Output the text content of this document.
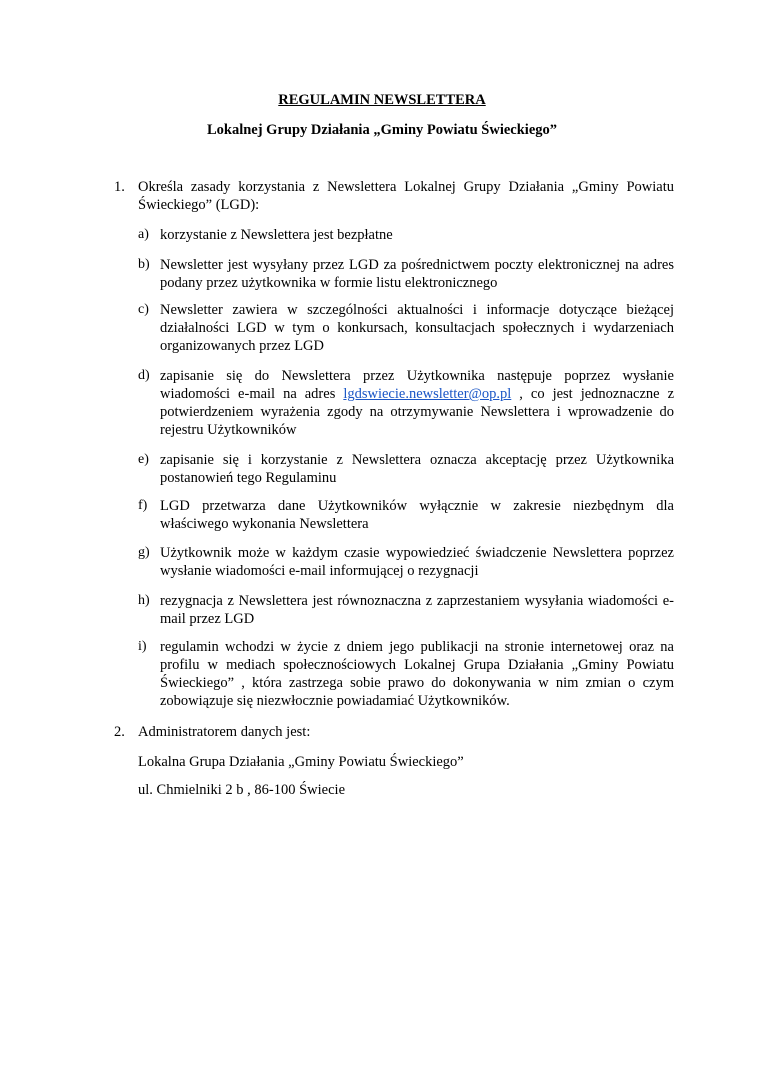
REGULAMIN NEWSLETTERA
Lokalnej Grupy Działania „Gminy Powiatu Świeckiego”
1. Określa zasady korzystania z Newslettera Lokalnej Grupy Działania „Gminy Powiatu Świeckiego” (LGD):
a) korzystanie z Newslettera jest bezpłatne
b) Newsletter jest wysyłany przez LGD za pośrednictwem poczty elektronicznej na adres podany przez użytkownika w formie listu elektronicznego
c) Newsletter zawiera w szczególności aktualności i informacje dotyczące bieżącej działalności LGD w tym o konkursach, konsultacjach społecznych i wydarzeniach organizowanych przez LGD
d) zapisanie się do Newslettera przez Użytkownika następuje poprzez wysłanie wiadomości e-mail na adres lgdswiecie.newsletter@op.pl , co jest jednoznaczne z potwierdzeniem wyrażenia zgody na otrzymywanie Newslettera i wprowadzenie do rejestru Użytkowników
e) zapisanie się i korzystanie z Newslettera oznacza akceptację przez Użytkownika postanowień tego Regulaminu
f) LGD przetwarza dane Użytkowników wyłącznie w zakresie niezbędnym dla właściwego wykonania Newslettera
g) Użytkownik może w każdym czasie wypowiedzieć świadczenie Newslettera poprzez wysłanie wiadomości e-mail informującej o rezygnacji
h) rezygnacja z Newslettera jest równoznaczna z zaprzestaniem wysyłania wiadomości e-mail przez LGD
i) regulamin wchodzi w życie z dniem jego publikacji na stronie internetowej oraz na profilu w mediach społecznościowych Lokalnej Grupa Działania „Gminy Powiatu Świeckiego” , która zastrzega sobie prawo do dokonywania w nim zmian o czym zobowiązuje się niezwłocznie powiadamiać Użytkowników.
2. Administratorem danych jest:
Lokalna Grupa Działania „Gminy Powiatu Świeckiego”
ul. Chmielniki 2 b , 86-100 Świecie
